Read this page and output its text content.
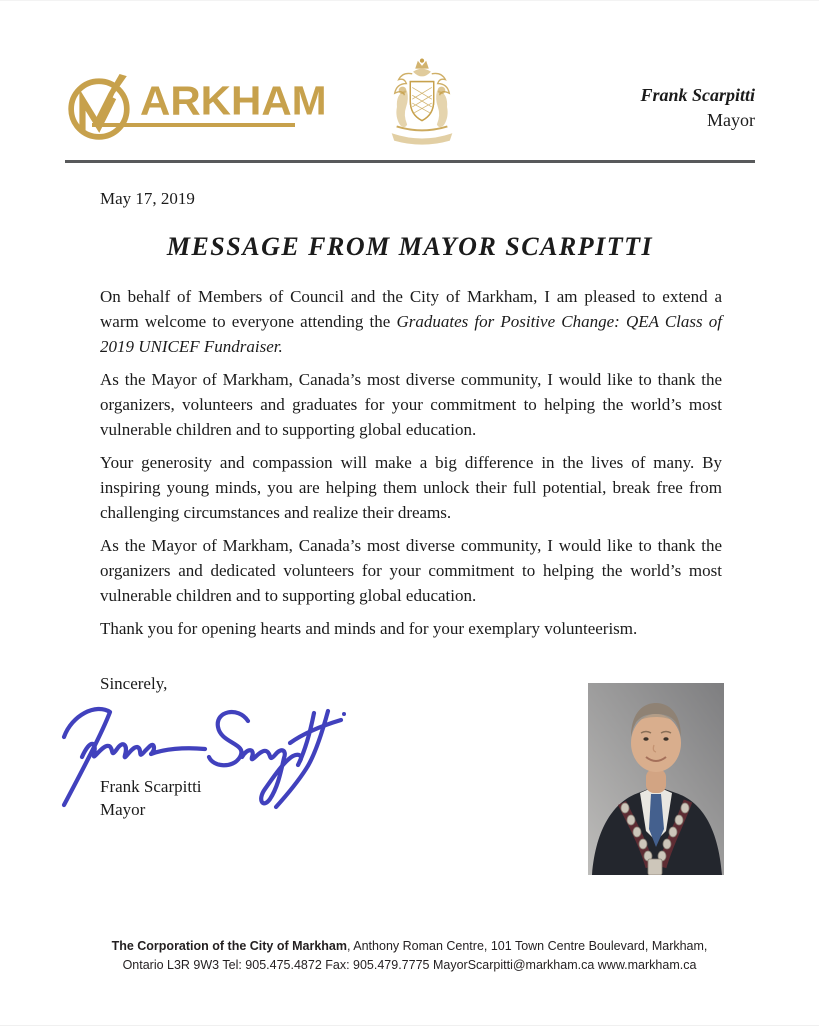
ARKHAM	Frank Scarpitti
Mayor
May 17, 2019
MESSAGE FROM MAYOR SCARPITTI

On behalf of Members of Council and the City of Markham, I am pleased to extend a warm welcome to everyone attending the Graduates for Positive Change: QEA Class of 2019 UNICEF Fundraiser.

As the Mayor of Markham, Canada’s most diverse community, I would like to thank the organizers, volunteers and graduates for your commitment to helping the world’s most vulnerable children and to supporting global education.

Your generosity and compassion will make a big difference in the lives of many. By inspiring young minds, you are helping them unlock their full potential, break free from challenging circumstances and realize their dreams.

As the Mayor of Markham, Canada’s most diverse community, I would like to thank the organizers and dedicated volunteers for your commitment to helping the world’s most vulnerable children and to supporting global education.

Thank you for opening hearts and minds and for your exemplary volunteerism.

Sincerely,

Frank Scarpitti
Mayor
The Corporation of the City of Markham, Anthony Roman Centre, 101 Town Centre Boulevard, Markham, Ontario L3R 9W3 Tel: 905.475.4872 Fax: 905.479.7775 MayorScarpitti@markham.ca www.markham.ca
